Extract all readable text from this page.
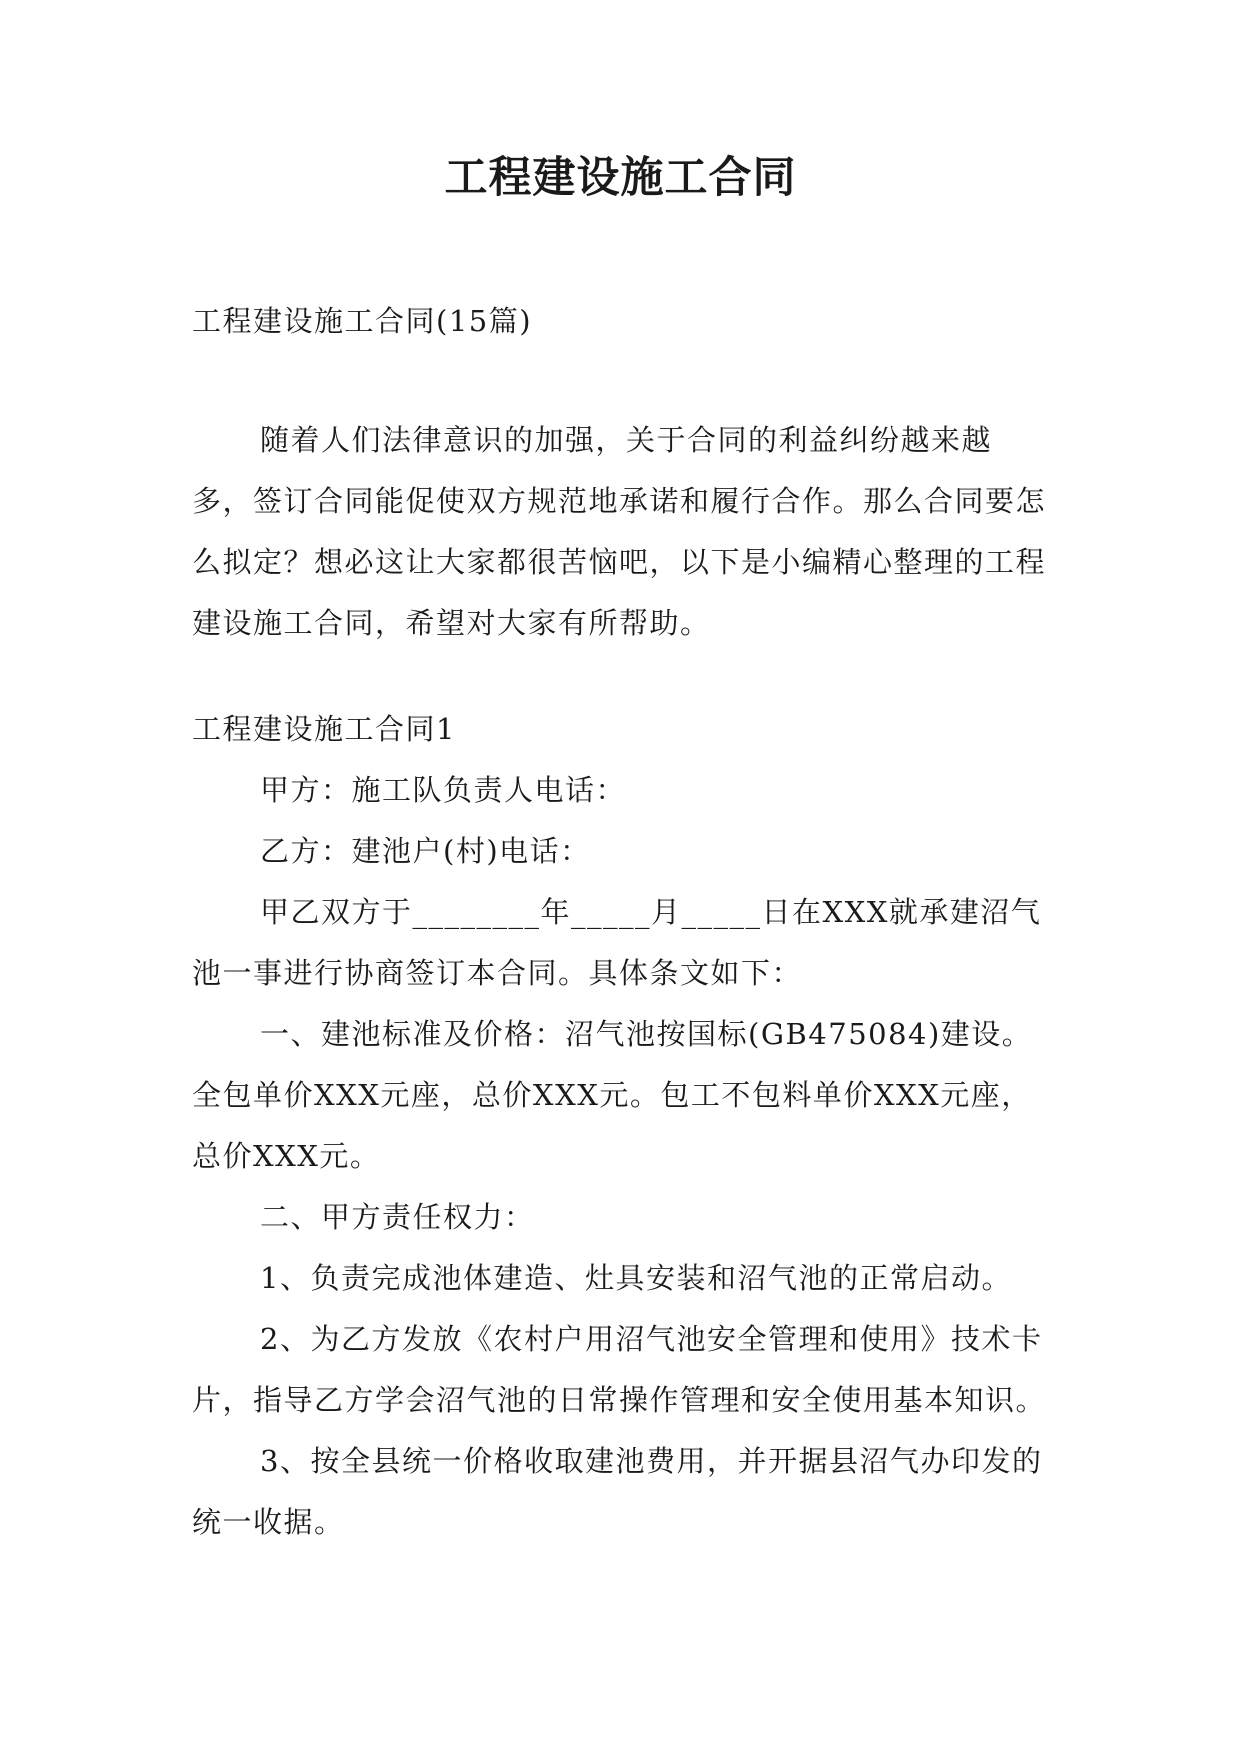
工程建设施工合同

工程建设施工合同(15篇)

随着人们法律意识的加强，关于合同的利益纠纷越来越多，签订合同能促使双方规范地承诺和履行合作。那么合同要怎么拟定？想必这让大家都很苦恼吧，以下是小编精心整理的工程建设施工合同，希望对大家有所帮助。

工程建设施工合同1

甲方：施工队负责人电话：

乙方：建池户(村)电话：

甲乙双方于________年_____月_____日在XXX就承建沼气池一事进行协商签订本合同。具体条文如下：

一、建池标准及价格：沼气池按国标(GB475084)建设。全包单价XXX元座，总价XXX元。包工不包料单价XXX元座，总价XXX元。

二、甲方责任权力：

1、负责完成池体建造、灶具安装和沼气池的正常启动。

2、为乙方发放《农村户用沼气池安全管理和使用》技术卡片，指导乙方学会沼气池的日常操作管理和安全使用基本知识。

3、按全县统一价格收取建池费用，并开据县沼气办印发的统一收据。
